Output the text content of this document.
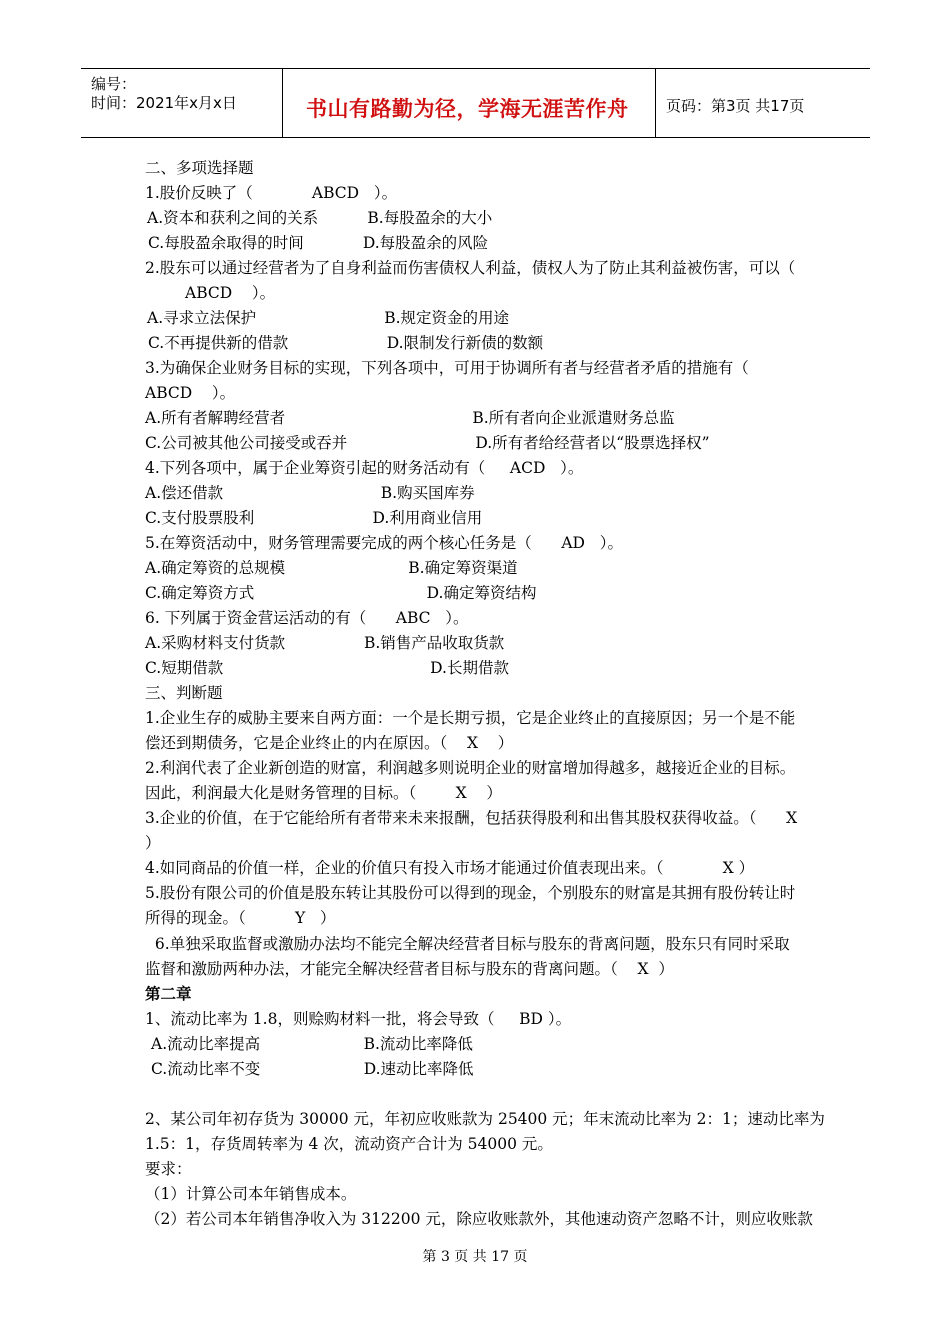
编号：
时间：2021年x月x日	书山有路勤为径，学海无涯苦作舟	页码：第3页 共17页
二、多项选择题
1.股价反映了（            ABCD   ）。
A.资本和获利之间的关系          B.每股盈余的大小
C.每股盈余取得的时间            D.每股盈余的风险
2.股东可以通过经营者为了自身利益而伤害债权人利益，债权人为了防止其利益被伤害，可以（
ABCD    ）。
A.寻求立法保护                          B.规定资金的用途
C.不再提供新的借款                    D.限制发行新债的数额
3.为确保企业财务目标的实现，下列各项中，可用于协调所有者与经营者矛盾的措施有（
ABCD    ）。
A.所有者解聘经营者                                      B.所有者向企业派遣财务总监
C.公司被其他公司接受或吞并                          D.所有者给经营者以“股票选择权”
4.下列各项中，属于企业筹资引起的财务活动有（     ACD   ）。
A.偿还借款                                B.购买国库券
C.支付股票股利                        D.利用商业信用
5.在筹资活动中，财务管理需要完成的两个核心任务是（      AD   ）。
A.确定筹资的总规模                         B.确定筹资渠道
C.确定筹资方式                                   D.确定筹资结构
6. 下列属于资金营运活动的有（      ABC   ）。
A.采购材料支付货款                B.销售产品收取货款
C.短期借款                                          D.长期借款
三、判断题
1.企业生存的威胁主要来自两方面：一个是长期亏损，它是企业终止的直接原因；另一个是不能
偿还到期债务，它是企业终止的内在原因。（    X    ）
2.利润代表了企业新创造的财富，利润越多则说明企业的财富增加得越多，越接近企业的目标。
因此，利润最大化是财务管理的目标。（        X    ）
3.企业的价值，在于它能给所有者带来未来报酬，包括获得股利和出售其股权获得收益。（      X
）
4.如同商品的价值一样，企业的价值只有投入市场才能通过价值表现出来。（            X ）
5.股份有限公司的价值是股东转让其股份可以得到的现金，个别股东的财富是其拥有股份转让时
所得的现金。（          Y   ）
6.单独采取监督或激励办法均不能完全解决经营者目标与股东的背离问题，股东只有同时采取
监督和激励两种办法，才能完全解决经营者目标与股东的背离问题。（    X  ）
第二章
1、流动比率为 1.8，则赊购材料一批，将会导致（     BD ）。
A.流动比率提高                     B.流动比率降低
C.流动比率不变                     D.速动比率降低
2、某公司年初存货为 30000 元，年初应收账款为 25400 元；年末流动比率为 2：1；速动比率为
1.5：1，存货周转率为 4 次，流动资产合计为 54000 元。
要求：
（1）计算公司本年销售成本。
（2）若公司本年销售净收入为 312200 元，除应收账款外，其他速动资产忽略不计，则应收账款
第 3 页 共 17 页
